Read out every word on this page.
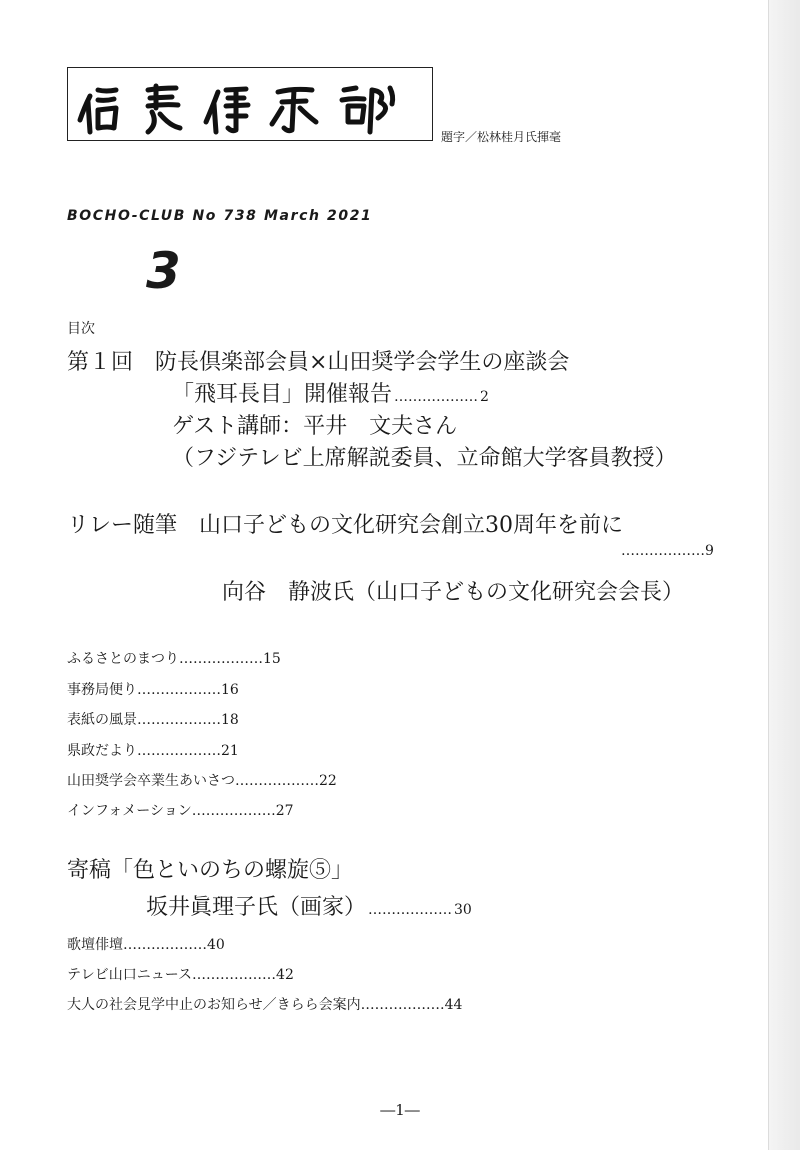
題字／松林桂月氏揮毫
BOCHO-CLUB No 738 March 2021
3
目次
第１回　防長倶楽部会員×山田奨学会学生の座談会
「飛耳長目」開催報告 ……………… 2
ゲスト講師：平井　文夫さん
（フジテレビ上席解説委員、立命館大学客員教授）
リレー随筆　山口子どもの文化研究会創立30周年を前に
………………9
向谷　静波氏（山口子どもの文化研究会会長）
ふるさとのまつり………………15
事務局便り………………16
表紙の風景………………18
県政だより………………21
山田奨学会卒業生あいさつ………………22
インフォメーション………………27
寄稿「色といのちの螺旋⑤」
坂井眞理子氏（画家） ……………… 30
歌壇俳壇………………40
テレビ山口ニュース………………42
大人の社会見学中止のお知らせ／きらら会案内………………44
―1―
